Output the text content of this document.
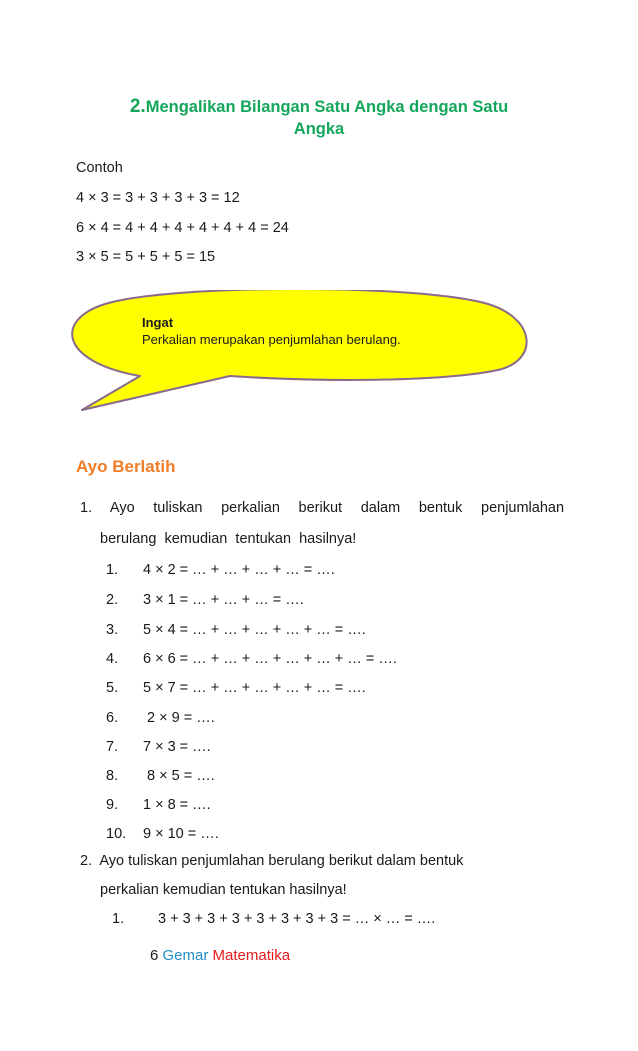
2.Mengalikan Bilangan Satu Angka dengan Satu
Angka
Contoh
4 × 3 = 3 + 3 + 3 + 3 = 12
6 × 4 = 4 + 4 + 4 + 4 + 4 + 4 = 24
3 × 5 = 5 + 5 + 5 = 15
Ingat
Perkalian merupakan penjumlahan berulang.
Ayo Berlatih
1. Ayo tuliskan perkalian berikut dalam bentuk penjumlahan
berulang  kemudian  tentukan  hasilnya!
1. 4 × 2 = … + … + … + … = ….
2. 3 × 1 = … + … + … = ….
3. 5 × 4 = … + … + … + … + … = ….
4. 6 × 6 = … + … + … + … + … + … = ….
5. 5 × 7 = … + … + … + … + … = ….
6. 2 × 9 = ….
7. 7 × 3 = ….
8. 8 × 5 = ….
9. 1 × 8 = ….
10. 9 × 10 = ….
2.  Ayo tuliskan penjumlahan berulang berikut dalam bentuk
perkalian kemudian tentukan hasilnya!
1. 3 + 3 + 3 + 3 + 3 + 3 + 3 + 3 = … × … = ….
6 Gemar Matematika
